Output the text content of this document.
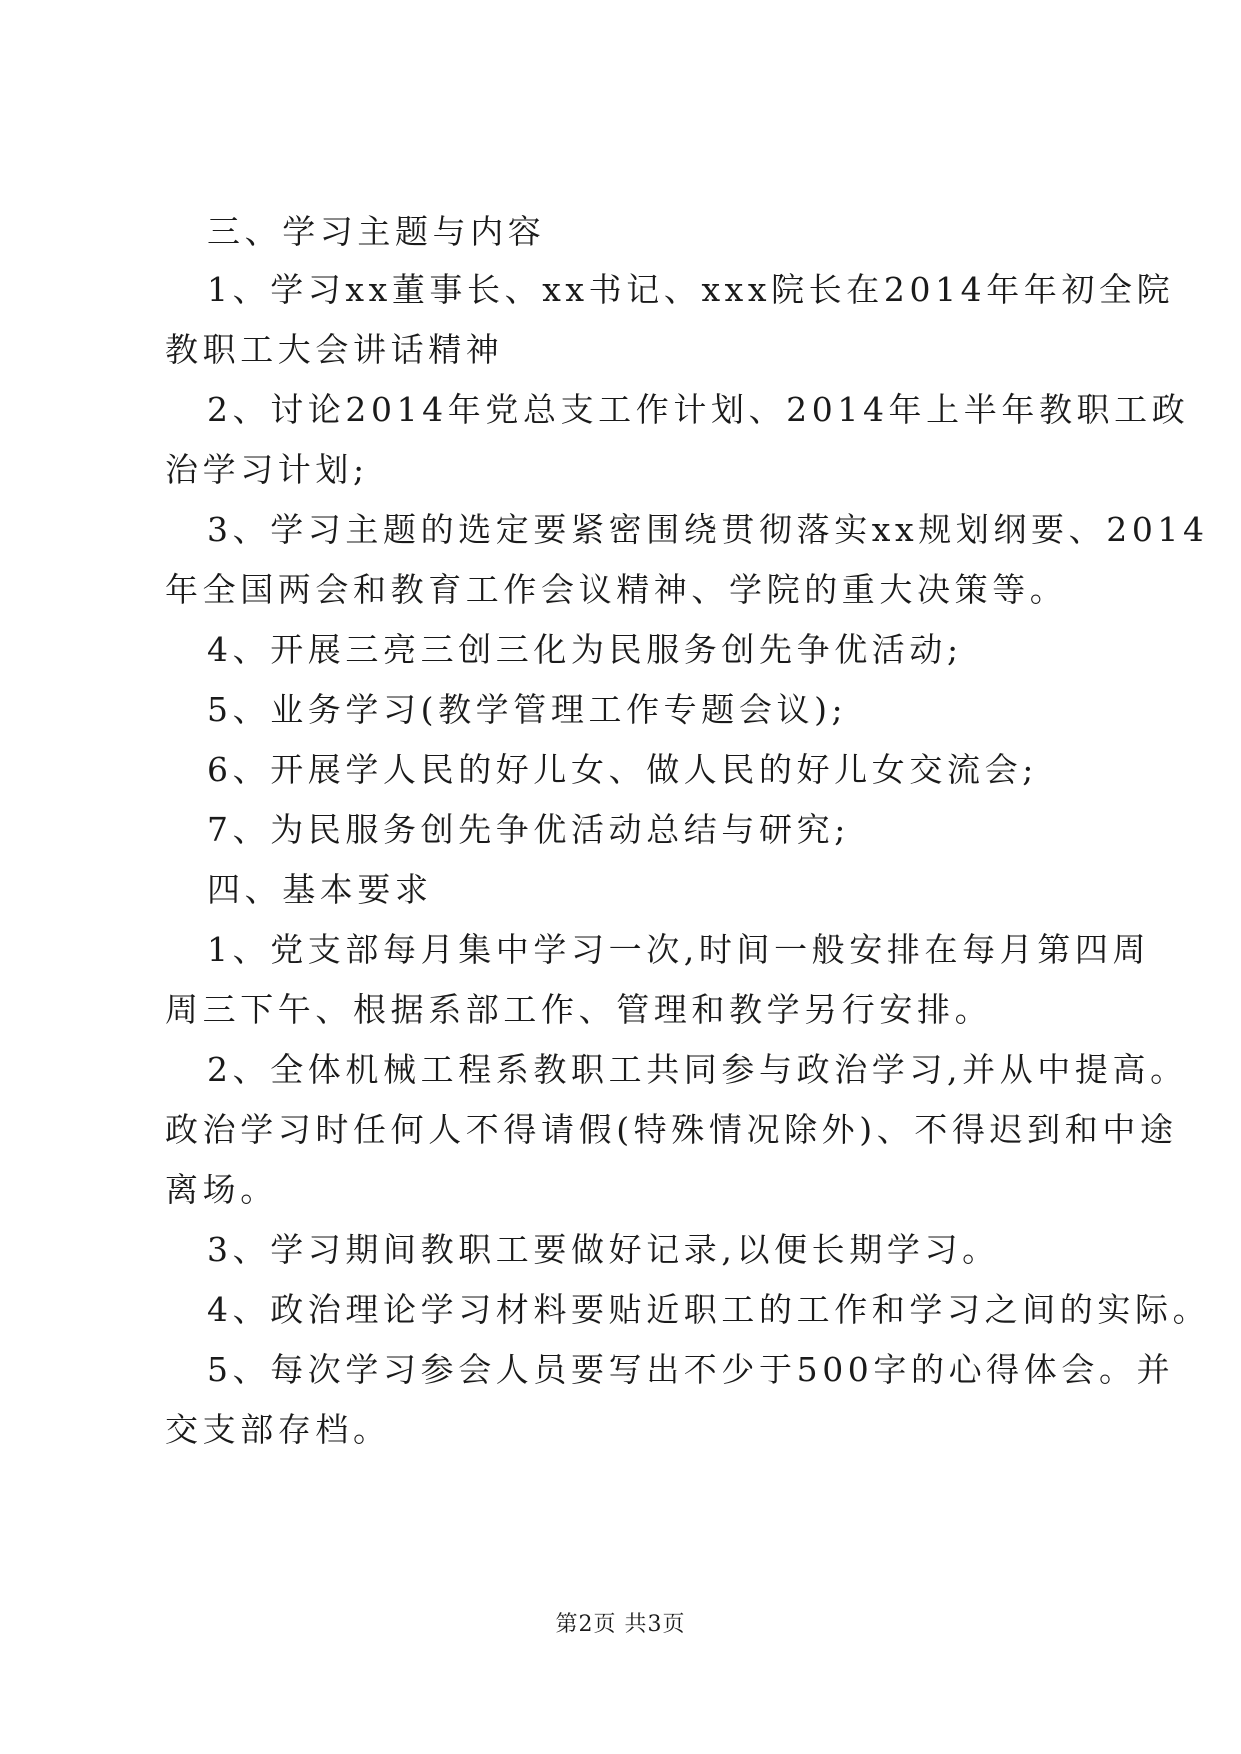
三、学习主题与内容
1、学习xx董事长、xx书记、xxx院长在2014年年初全院
教职工大会讲话精神
2、讨论2014年党总支工作计划、2014年上半年教职工政
治学习计划;
3、学习主题的选定要紧密围绕贯彻落实xx规划纲要、2014
年全国两会和教育工作会议精神、学院的重大决策等。
4、开展三亮三创三化为民服务创先争优活动;
5、业务学习(教学管理工作专题会议);
6、开展学人民的好儿女、做人民的好儿女交流会;
7、为民服务创先争优活动总结与研究;
四、基本要求
1、党支部每月集中学习一次,时间一般安排在每月第四周
周三下午、根据系部工作、管理和教学另行安排。
2、全体机械工程系教职工共同参与政治学习,并从中提高。
政治学习时任何人不得请假(特殊情况除外)、不得迟到和中途
离场。
3、学习期间教职工要做好记录,以便长期学习。
4、政治理论学习材料要贴近职工的工作和学习之间的实际。
5、每次学习参会人员要写出不少于500字的心得体会。并
交支部存档。
第2页 共3页
